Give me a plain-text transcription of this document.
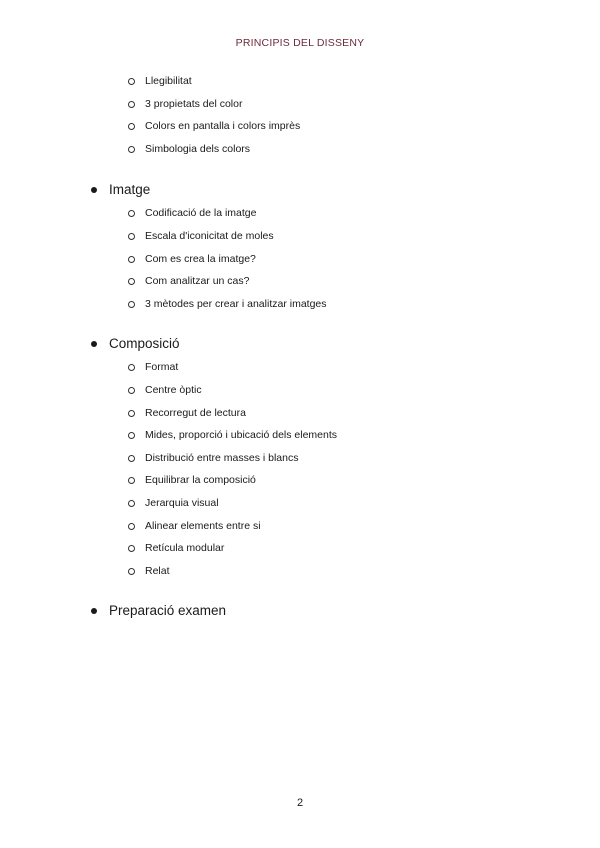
PRINCIPIS DEL DISSENY
Llegibilitat
3 propietats del color
Colors en pantalla i colors imprès
Simbologia dels colors
Imatge
Codificació de la imatge
Escala d'iconicitat de moles
Com es crea la imatge?
Com analitzar un cas?
3 mètodes per crear i analitzar imatges
Composició
Format
Centre òptic
Recorregut de lectura
Mides, proporció i ubicació dels elements
Distribució entre masses i blancs
Equilibrar la composició
Jerarquia visual
Alinear elements entre si
Retícula modular
Relat
Preparació examen
2
